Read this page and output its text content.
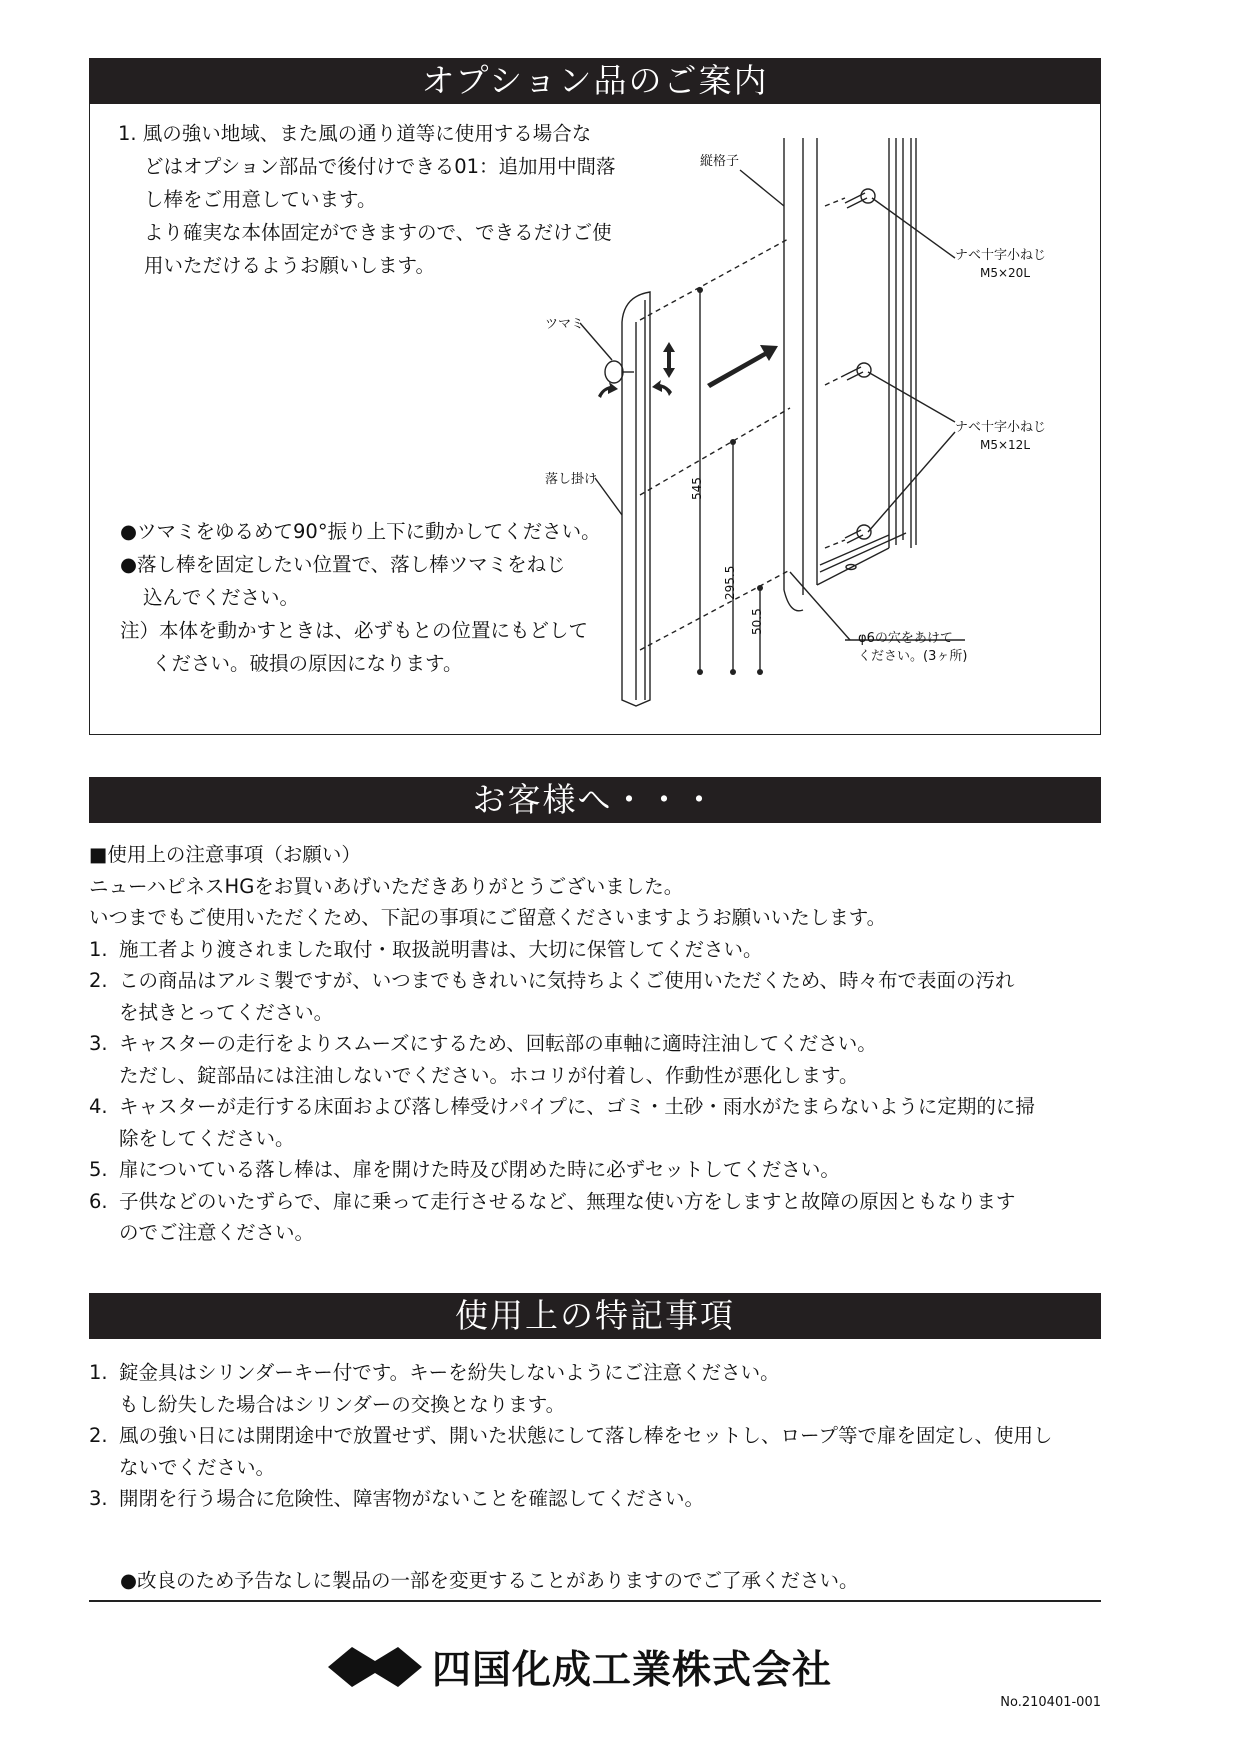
オプション品のご案内
1. 風の強い地域、また風の通り道等に使用する場合な
どはオプション部品で後付けできる01：追加用中間落
し棒をご用意しています。
より確実な本体固定ができますので、できるだけご使
用いただけるようお願いします。
●ツマミをゆるめて90°振り上下に動かしてください。
●落し棒を固定したい位置で、落し棒ツマミをねじ
込んでください。
注）本体を動かすときは、必ずもとの位置にもどして
ください。破損の原因になります。
縦格子
ナベ十字小ねじ
M5×20L
ナベ十字小ねじ
M5×12L
ツマミ
落し掛け
φ6の穴をあけて
ください。(3ヶ所)
545
295.5
50.5
お客様へ・・・
■使用上の注意事項（お願い）
ニューハピネスHGをお買いあげいただきありがとうございました。
いつまでもご使用いただくため、下記の事項にご留意くださいますようお願いいたします。
1. 施工者より渡されました取付・取扱説明書は、大切に保管してください。
2. この商品はアルミ製ですが、いつまでもきれいに気持ちよくご使用いただくため、時々布で表面の汚れ
を拭きとってください。
3. キャスターの走行をよりスムーズにするため、回転部の車軸に適時注油してください。
ただし、錠部品には注油しないでください。ホコリが付着し、作動性が悪化します。
4. キャスターが走行する床面および落し棒受けパイプに、ゴミ・土砂・雨水がたまらないように定期的に掃
除をしてください。
5. 扉についている落し棒は、扉を開けた時及び閉めた時に必ずセットしてください。
6. 子供などのいたずらで、扉に乗って走行させるなど、無理な使い方をしますと故障の原因ともなります
のでご注意ください。
使用上の特記事項
1. 錠金具はシリンダーキー付です。キーを紛失しないようにご注意ください。
もし紛失した場合はシリンダーの交換となります。
2. 風の強い日には開閉途中で放置せず、開いた状態にして落し棒をセットし、ロープ等で扉を固定し、使用し
ないでください。
3. 開閉を行う場合に危険性、障害物がないことを確認してください。
●改良のため予告なしに製品の一部を変更することがありますのでご了承ください。
四国化成工業株式会社
No.210401-001
